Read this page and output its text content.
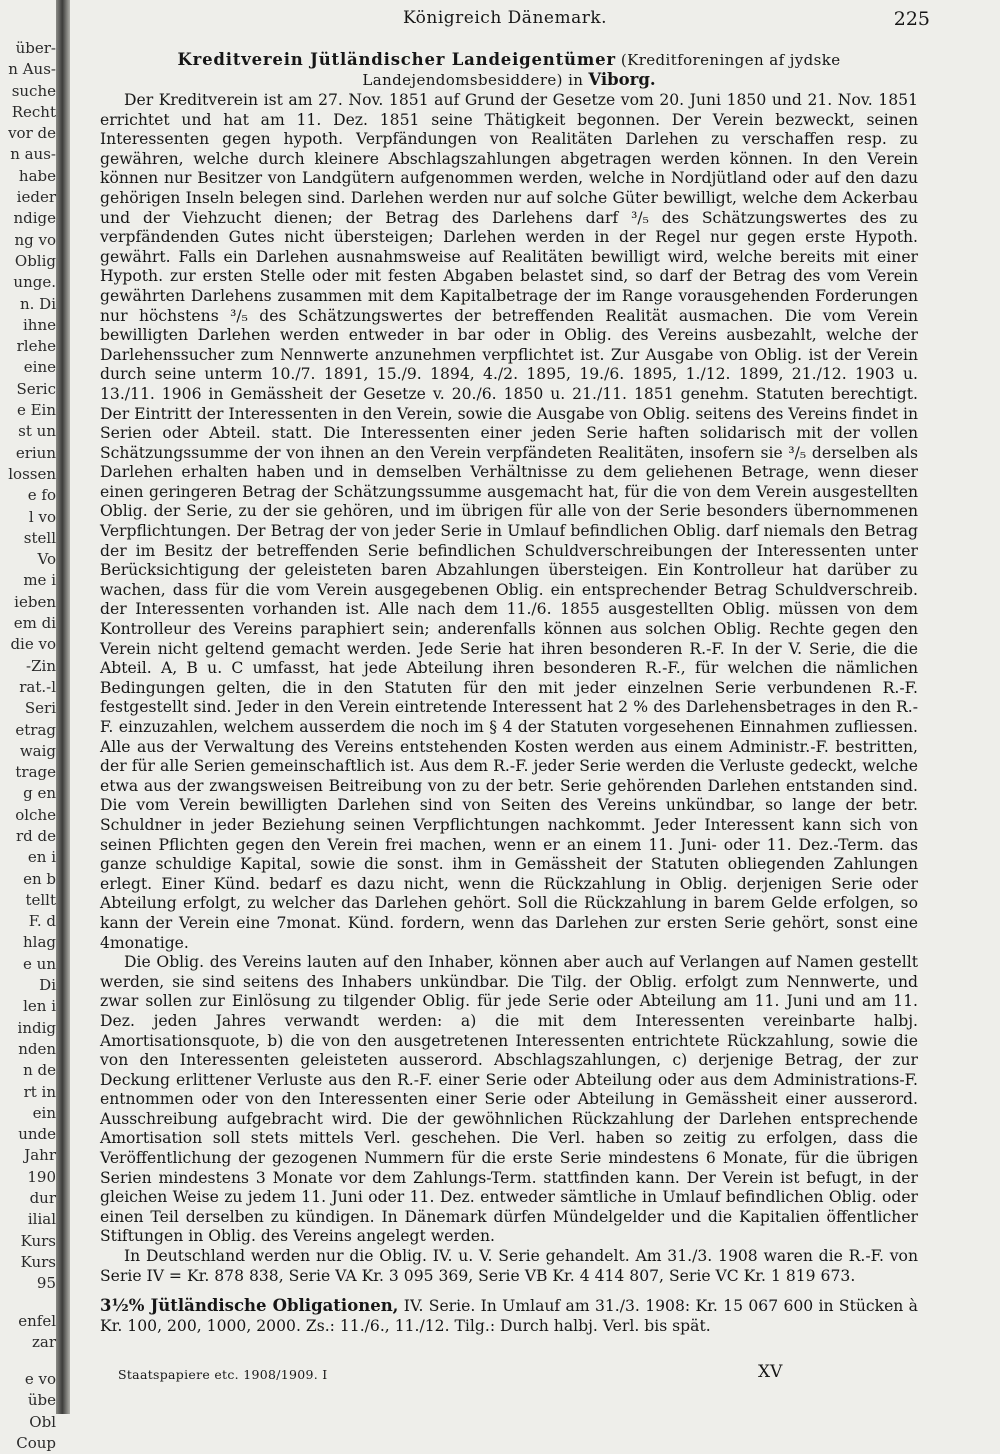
über-
n Aus-
suche
Recht
vor de
n aus-
habe
ieder
ndige
ng vo
Oblig
unge.
n. Di
ihne
rlehe
eine
Seric
e Ein
st un
eriun
lossen
e fo
l vo
stell
Vo
me i
ieben
em di
die vo
-Zin
rat.-l
Seri
etrag
waig
trage
g en
olche
rd de
en i
en b
tellt
F. d
hlag
e un
Di
len i
indig
nden
n de
rt in
ein
unde
Jahr
190
dur
ilial
Kurs
Kurs
95
enfel
zar
e vo
übe
Obl
Coup
Königreich Dänemark.	225
Kreditverein Jütländischer Landeigentümer (Kreditforeningen af jydske Landejendomsbesiddere) in Viborg.

Der Kreditverein ist am 27. Nov. 1851 auf Grund der Gesetze vom 20. Juni 1850 und 21. Nov. 1851 errichtet und hat am 11. Dez. 1851 seine Thätigkeit begonnen. Der Verein bezweckt, seinen Interessenten gegen hypoth. Verpfändungen von Realitäten Darlehen zu verschaffen resp. zu gewähren, welche durch kleinere Abschlagszahlungen abgetragen werden können. In den Verein können nur Besitzer von Landgütern aufgenommen werden, welche in Nordjütland oder auf den dazu gehörigen Inseln belegen sind. Darlehen werden nur auf solche Güter bewilligt, welche dem Ackerbau und der Viehzucht dienen; der Betrag des Darlehens darf ³/₅ des Schätzungswertes des zu verpfändenden Gutes nicht übersteigen; Darlehen werden in der Regel nur gegen erste Hypoth. gewährt. Falls ein Darlehen ausnahmsweise auf Realitäten bewilligt wird, welche bereits mit einer Hypoth. zur ersten Stelle oder mit festen Abgaben belastet sind, so darf der Betrag des vom Verein gewährten Darlehens zusammen mit dem Kapitalbetrage der im Range vorausgehenden Forderungen nur höchstens ³/₅ des Schätzungswertes der betreffenden Realität ausmachen. Die vom Verein bewilligten Darlehen werden entweder in bar oder in Oblig. des Vereins ausbezahlt, welche der Darlehenssucher zum Nennwerte anzunehmen verpflichtet ist. Zur Ausgabe von Oblig. ist der Verein durch seine unterm 10./7. 1891, 15./9. 1894, 4./2. 1895, 19./6. 1895, 1./12. 1899, 21./12. 1903 u. 13./11. 1906 in Gemässheit der Gesetze v. 20./6. 1850 u. 21./11. 1851 genehm. Statuten berechtigt. Der Eintritt der Interessenten in den Verein, sowie die Ausgabe von Oblig. seitens des Vereins findet in Serien oder Abteil. statt. Die Interessenten einer jeden Serie haften solidarisch mit der vollen Schätzungssumme der von ihnen an den Verein verpfändeten Realitäten, insofern sie ³/₅ derselben als Darlehen erhalten haben und in demselben Verhältnisse zu dem geliehenen Betrage, wenn dieser einen geringeren Betrag der Schätzungssumme ausgemacht hat, für die von dem Verein ausgestellten Oblig. der Serie, zu der sie gehören, und im übrigen für alle von der Serie besonders übernommenen Verpflichtungen. Der Betrag der von jeder Serie in Umlauf befindlichen Oblig. darf niemals den Betrag der im Besitz der betreffenden Serie befindlichen Schuldverschreibungen der Interessenten unter Berücksichtigung der geleisteten baren Abzahlungen übersteigen. Ein Kontrolleur hat darüber zu wachen, dass für die vom Verein ausgegebenen Oblig. ein entsprechender Betrag Schuldverschreib. der Interessenten vorhanden ist. Alle nach dem 11./6. 1855 ausgestellten Oblig. müssen von dem Kontrolleur des Vereins paraphiert sein; anderenfalls können aus solchen Oblig. Rechte gegen den Verein nicht geltend gemacht werden. Jede Serie hat ihren besonderen R.-F. In der V. Serie, die die Abteil. A, B u. C umfasst, hat jede Abteilung ihren besonderen R.-F., für welchen die nämlichen Bedingungen gelten, die in den Statuten für den mit jeder einzelnen Serie verbundenen R.-F. festgestellt sind. Jeder in den Verein eintretende Interessent hat 2 % des Darlehensbetrages in den R.-F. einzuzahlen, welchem ausserdem die noch im § 4 der Statuten vorgesehenen Einnahmen zufliessen. Alle aus der Verwaltung des Vereins entstehenden Kosten werden aus einem Administr.-F. bestritten, der für alle Serien gemeinschaftlich ist. Aus dem R.-F. jeder Serie werden die Verluste gedeckt, welche etwa aus der zwangsweisen Beitreibung von zu der betr. Serie gehörenden Darlehen entstanden sind. Die vom Verein bewilligten Darlehen sind von Seiten des Vereins unkündbar, so lange der betr. Schuldner in jeder Beziehung seinen Verpflichtungen nachkommt. Jeder Interessent kann sich von seinen Pflichten gegen den Verein frei machen, wenn er an einem 11. Juni- oder 11. Dez.-Term. das ganze schuldige Kapital, sowie die sonst. ihm in Gemässheit der Statuten obliegenden Zahlungen erlegt. Einer Künd. bedarf es dazu nicht, wenn die Rückzahlung in Oblig. derjenigen Serie oder Abteilung erfolgt, zu welcher das Darlehen gehört. Soll die Rückzahlung in barem Gelde erfolgen, so kann der Verein eine 7monat. Künd. fordern, wenn das Darlehen zur ersten Serie gehört, sonst eine 4monatige.

Die Oblig. des Vereins lauten auf den Inhaber, können aber auch auf Verlangen auf Namen gestellt werden, sie sind seitens des Inhabers unkündbar. Die Tilg. der Oblig. erfolgt zum Nennwerte, und zwar sollen zur Einlösung zu tilgender Oblig. für jede Serie oder Abteilung am 11. Juni und am 11. Dez. jeden Jahres verwandt werden: a) die mit dem Interessenten vereinbarte halbj. Amortisationsquote, b) die von den ausgetretenen Interessenten entrichtete Rückzahlung, sowie die von den Interessenten geleisteten ausserord. Abschlagszahlungen, c) derjenige Betrag, der zur Deckung erlittener Verluste aus den R.-F. einer Serie oder Abteilung oder aus dem Administrations-F. entnommen oder von den Interessenten einer Serie oder Abteilung in Gemässheit einer ausserord. Ausschreibung aufgebracht wird. Die der gewöhnlichen Rückzahlung der Darlehen entsprechende Amortisation soll stets mittels Verl. geschehen. Die Verl. haben so zeitig zu erfolgen, dass die Veröffentlichung der gezogenen Nummern für die erste Serie mindestens 6 Monate, für die übrigen Serien mindestens 3 Monate vor dem Zahlungs-Term. stattfinden kann. Der Verein ist befugt, in der gleichen Weise zu jedem 11. Juni oder 11. Dez. entweder sämtliche in Umlauf befindlichen Oblig. oder einen Teil derselben zu kündigen. In Dänemark dürfen Mündelgelder und die Kapitalien öffentlicher Stiftungen in Oblig. des Vereins angelegt werden.

In Deutschland werden nur die Oblig. IV. u. V. Serie gehandelt. Am 31./3. 1908 waren die R.-F. von Serie IV = Kr. 878 838, Serie VA Kr. 3 095 369, Serie VB Kr. 4 414 807, Serie VC Kr. 1 819 673.

3½% Jütländische Obligationen, IV. Serie. In Umlauf am 31./3. 1908: Kr. 15 067 600 in Stücken à Kr. 100, 200, 1000, 2000. Zs.: 11./6., 11./12. Tilg.: Durch halbj. Verl. bis spät.
Staatspapiere etc. 1908/1909. I	XV
